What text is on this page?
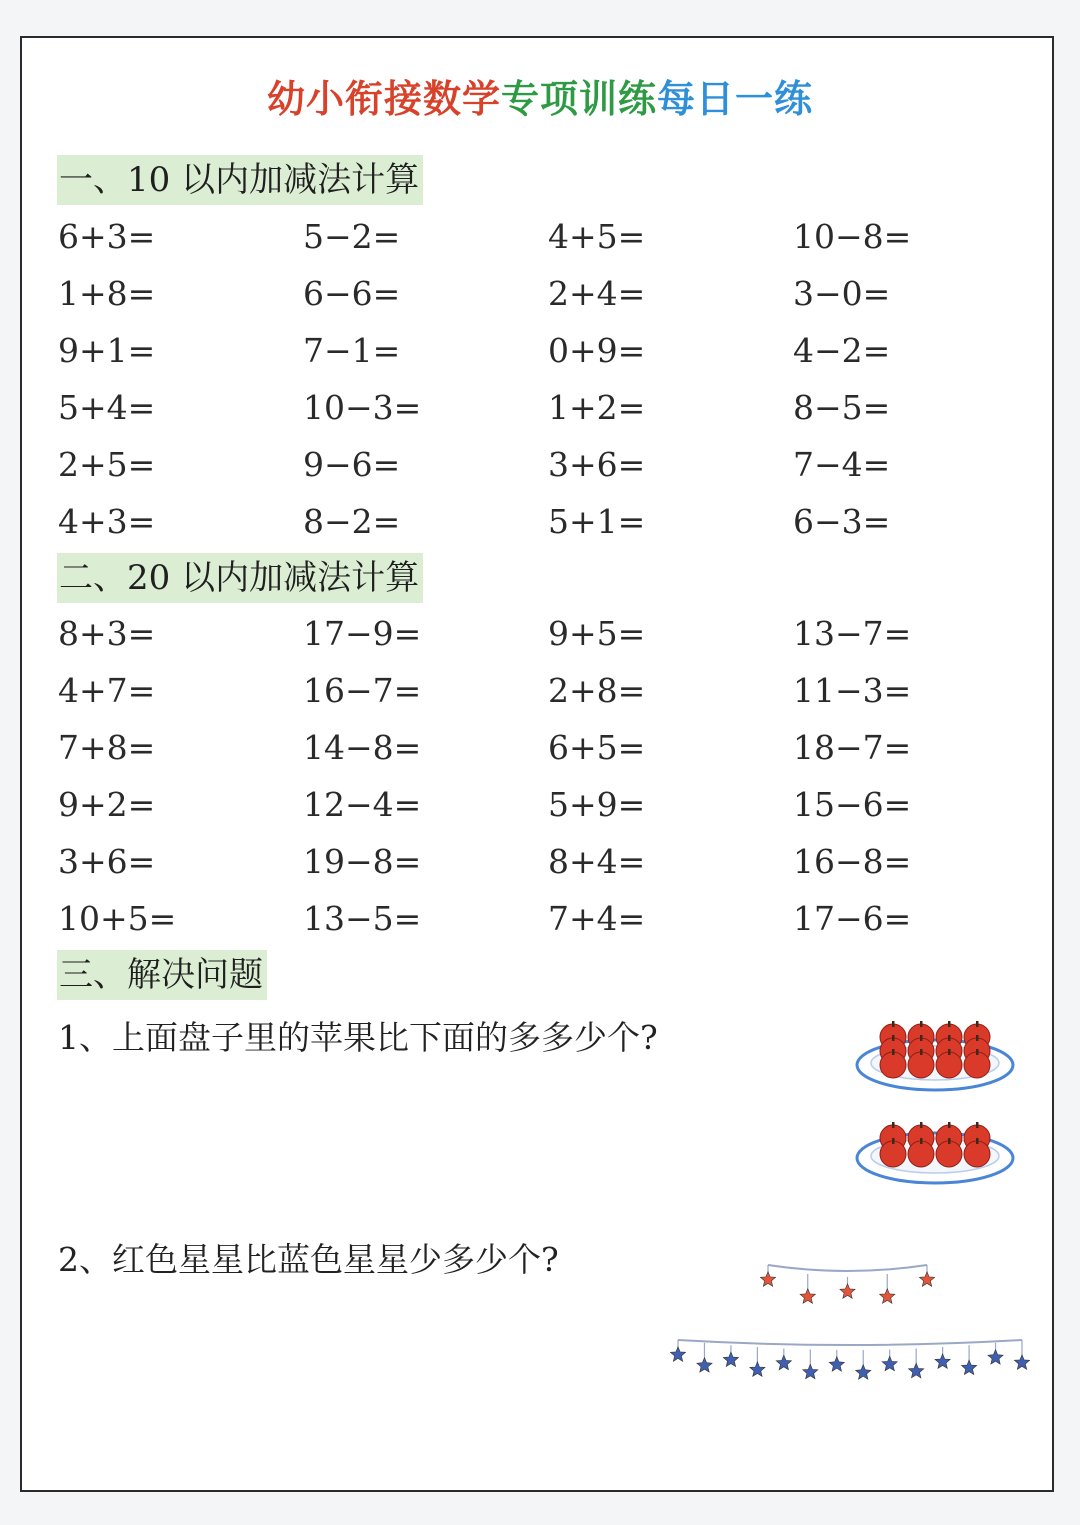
幼小衔接数学专项训练每日一练
一、10 以内加减法计算
6+3=	5−2=	4+5=	10−8=
1+8=	6−6=	2+4=	3−0=
9+1=	7−1=	0+9=	4−2=
5+4=	10−3=	1+2=	8−5=
2+5=	9−6=	3+6=	7−4=
4+3=	8−2=	5+1=	6−3=
二、20 以内加减法计算
8+3=	17−9=	9+5=	13−7=
4+7=	16−7=	2+8=	11−3=
7+8=	14−8=	6+5=	18−7=
9+2=	12−4=	5+9=	15−6=
3+6=	19−8=	8+4=	16−8=
10+5=	13−5=	7+4=	17−6=
三、解决问题
1、上面盘子里的苹果比下面的多多少个?
2、红色星星比蓝色星星少多少个?
